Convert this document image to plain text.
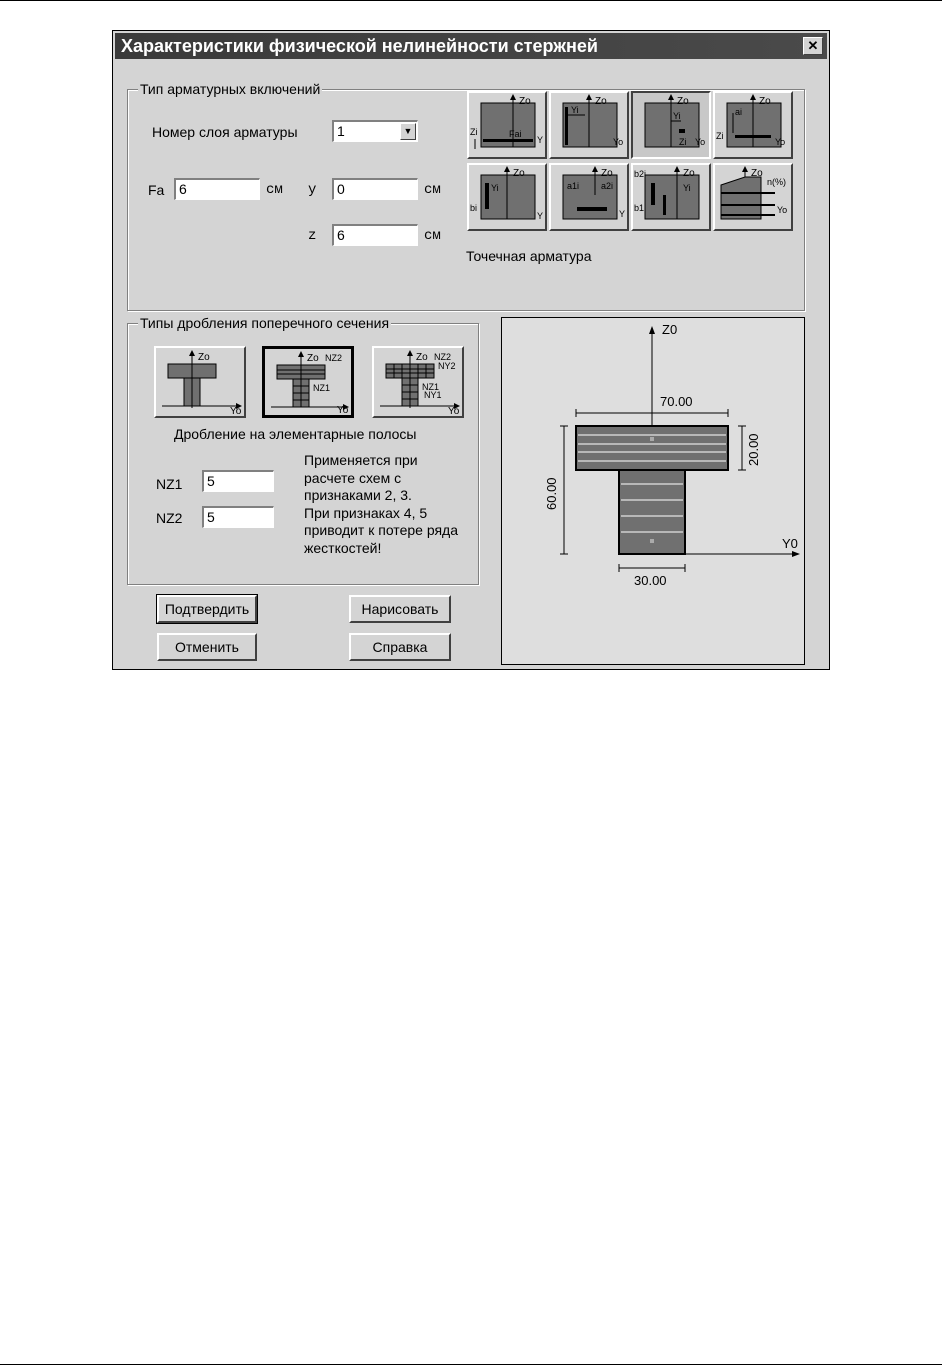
Характеристики физической нелинейности стержней	✕
Тип арматурных включений
Номер слоя арматуры	1	▼
Fa	6	см y	0	см
z	6	см
Точечная арматура
Zo
Zi	Fai
Y
Zo
Yi
Yo
Zo
Yi
Zi Yo
Zo
ai
Zi
Yo
Zo
Yi
bi
Y
Zo
a1i a2i
Y
Zo
b2i
b1i
Yi
Zo
n(%)
Yo
Типы дробления поперечного сечения
Zo
Yo
Zo NZ2
NZ1
Yo
Zo NZ2
NY2
NZ1
NY1
Yo
Дробление на элементарные полосы
NZ1	5
NZ2	5
Применяется при
расчете схем с
признаками 2, 3.
При признаках 4, 5
приводит к потере ряда
жесткостей!
Подтвердить	Нарисовать
Отменить	Справка
Z0
Y0
70.00
20.00
60.00
30.00
